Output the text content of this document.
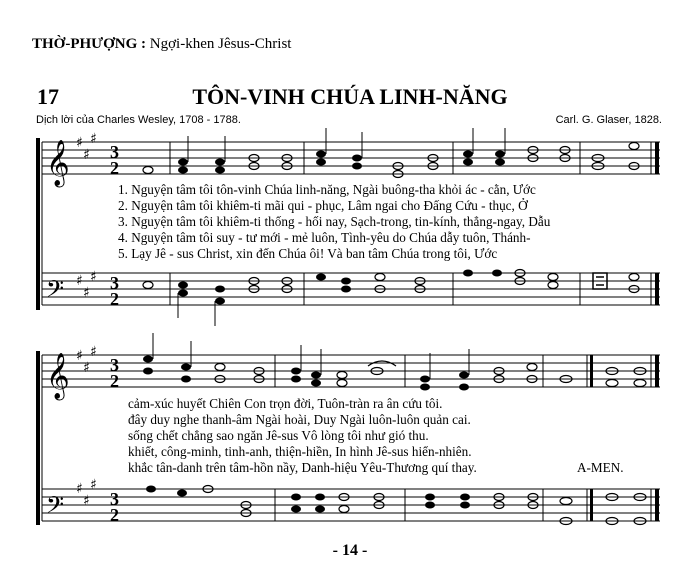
THỜ-PHƯỢNG : Ngợi-khen Jêsus-Christ
17	TÔN-VINH CHÚA LINH-NĂNG
Dịch lời của Charles Wesley, 1708 - 1788.	Carl. G. Glaser, 1828.
𝄞
𝄢
𝄞
𝄢
♯
♯
♯
♯
♯
♯
♯
♯
♯
♯
♯
♯
3
2
3
2
3
2
3
2
1. Nguyện tâm tôi tôn-vinh Chúa linh-năng, Ngài buông-tha khỏi ác - cằn, Ước
2. Nguyện tâm tôi khiêm-ti mãi qui - phục, Lâm ngai cho Đấng Cứu - thục, Ở
3. Nguyện tâm tôi khiêm-ti thống - hối nay, Sạch-trong, tin-kính, thẳng-ngay, Dẫu
4. Nguyện tâm tôi suy - tư mới - mẻ luôn, Tình-yêu do Chúa dẫy tuôn, Thánh-
5. Lạy Jê - sus Christ, xin đến Chúa ôi! Và ban tâm Chúa trong tôi, Ước
cảm-xúc huyết Chiên Con trọn đời, Tuôn-tràn ra ân cứu tôi.
đây duy nghe thanh-âm Ngài hoài, Duy Ngài luôn-luôn quản cai.
sống chết chẳng sao ngăn Jê-sus Vô lòng tôi như gió thu.
khiết, công-minh, tinh-anh, thiện-hiền, In hình Jê-sus hiển-nhiên.
khắc tân-danh trên tâm-hồn nầy, Danh-hiệu Yêu-Thương quí thay.	A-MEN.
- 14 -
